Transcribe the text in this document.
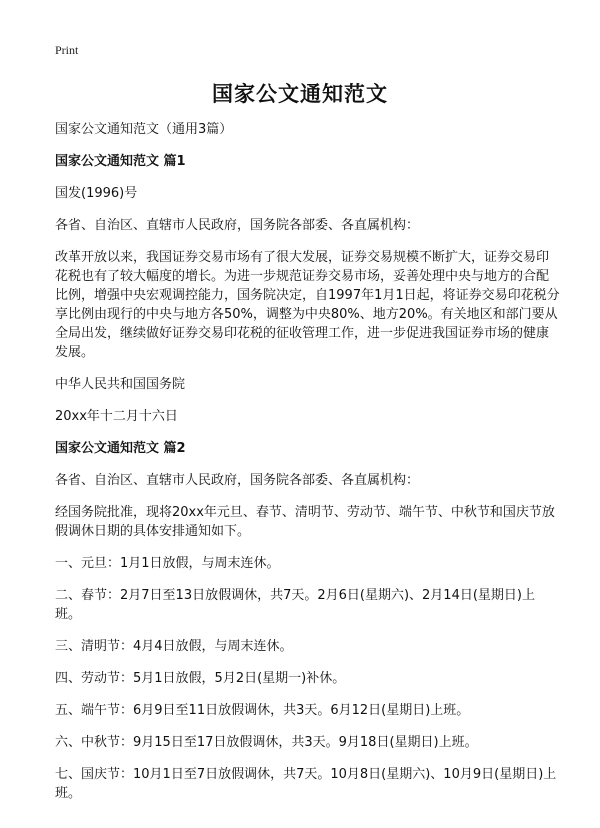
Print
国家公文通知范文

国家公文通知范文（通用3篇）

国家公文通知范文 篇1

国发(1996)号

各省、自治区、直辖市人民政府，国务院各部委、各直属机构：

改革开放以来，我国证券交易市场有了很大发展，证券交易规模不断扩大，证券交易印花税也有了较大幅度的增长。为进一步规范证券交易市场，妥善处理中央与地方的合配比例，增强中央宏观调控能力，国务院决定，自1997年1月1日起，将证券交易印花税分享比例由现行的中央与地方各50%，调整为中央80%、地方20%。有关地区和部门要从全局出发，继续做好证券交易印花税的征收管理工作，进一步促进我国证券市场的健康发展。

中华人民共和国国务院

20xx年十二月十六日

国家公文通知范文 篇2

各省、自治区、直辖市人民政府，国务院各部委、各直属机构：

经国务院批准，现将20xx年元旦、春节、清明节、劳动节、端午节、中秋节和国庆节放假调休日期的具体安排通知如下。

一、元旦：1月1日放假，与周末连休。

二、春节：2月7日至13日放假调休，共7天。2月6日(星期六)、2月14日(星期日)上班。

三、清明节：4月4日放假，与周末连休。

四、劳动节：5月1日放假，5月2日(星期一)补休。

五、端午节：6月9日至11日放假调休，共3天。6月12日(星期日)上班。

六、中秋节：9月15日至17日放假调休，共3天。9月18日(星期日)上班。

七、国庆节：10月1日至7日放假调休，共7天。10月8日(星期六)、10月9日(星期日)上班。
